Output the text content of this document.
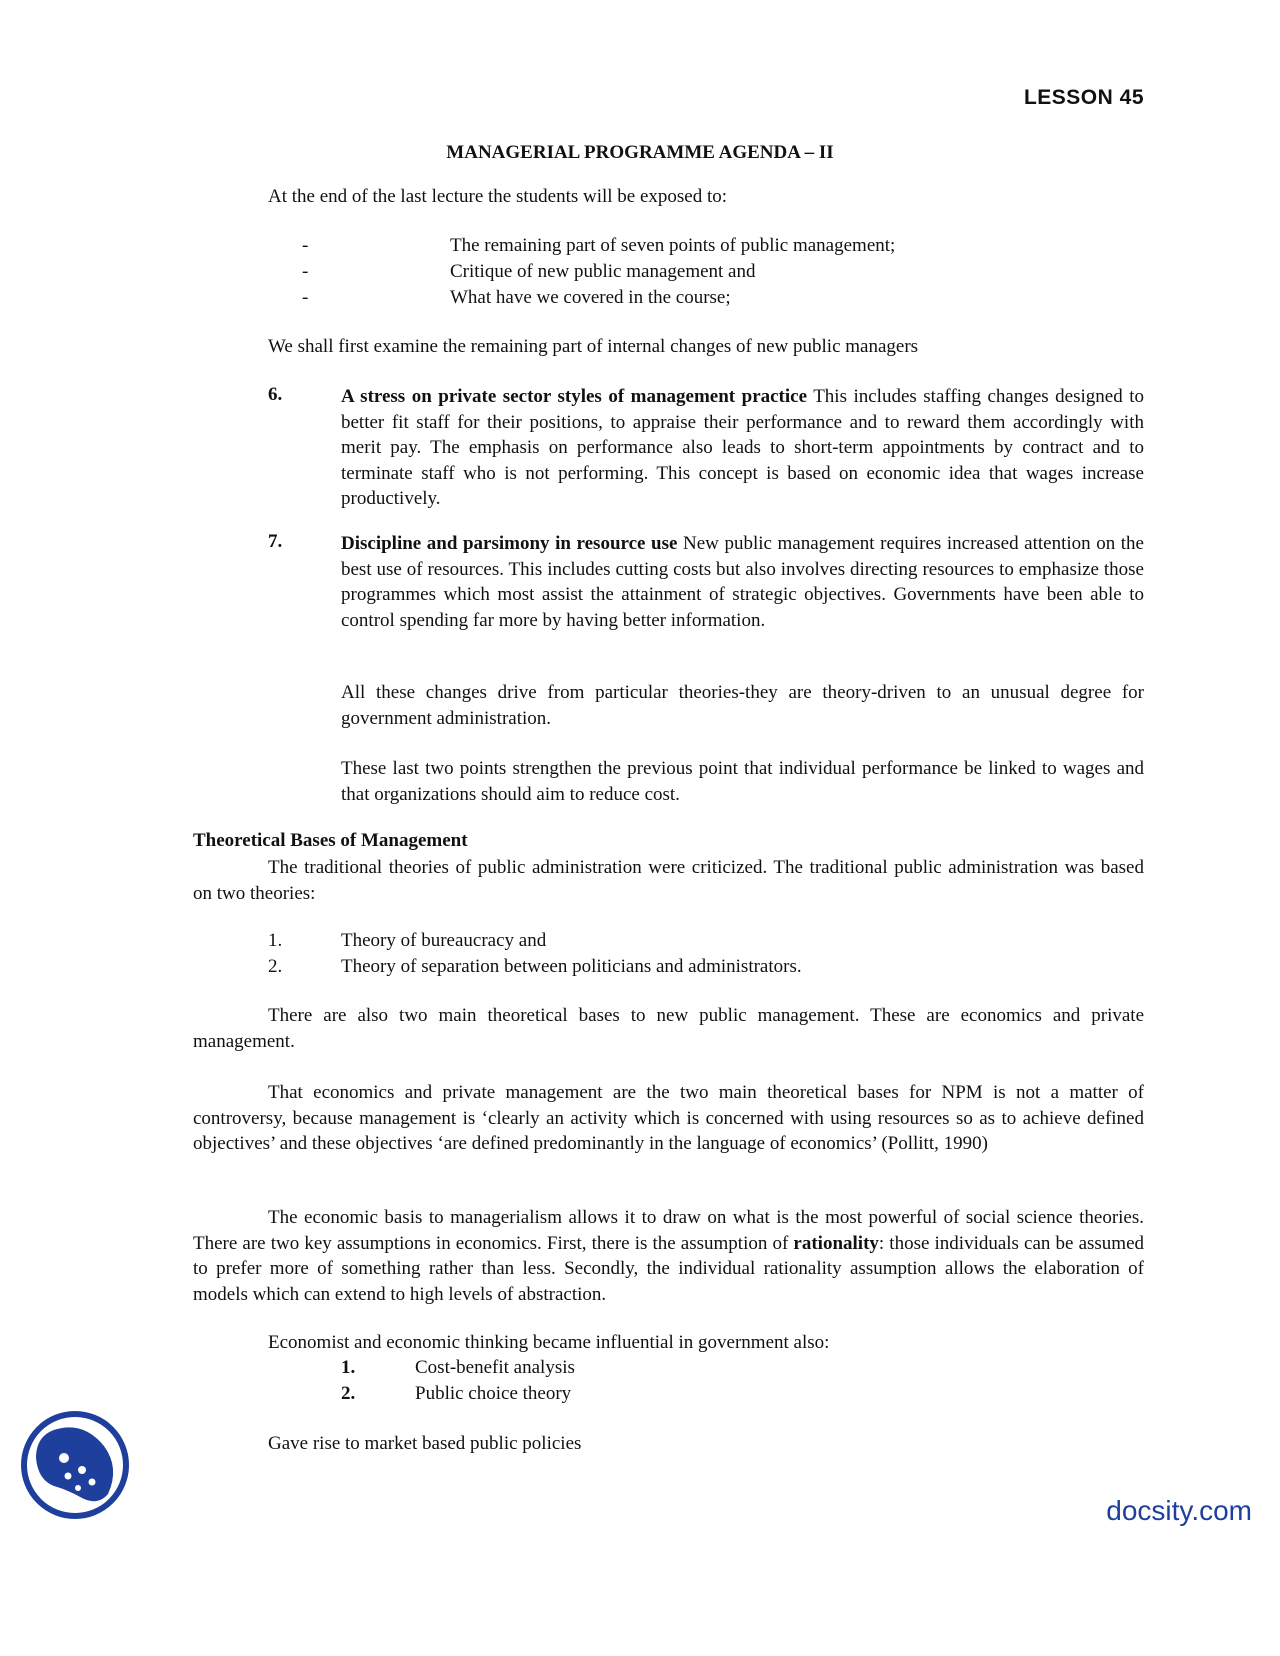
LESSON 45
MANAGERIAL PROGRAMME AGENDA – II
At the end of the last lecture the students will be exposed to:
-	The remaining part of seven points of public management;
-	Critique of new public management and
-	What have we covered in the course;
We shall first examine the remaining part of internal changes of new public managers
6.	A stress on private sector styles of management practice This includes staffing changes designed to better fit staff for their positions, to appraise their performance and to reward them accordingly with merit pay. The emphasis on performance also leads to short-term appointments by contract and to terminate staff who is not performing. This concept is based on economic idea that wages increase productively.
7.	Discipline and parsimony in resource use New public management requires increased attention on the best use of resources. This includes cutting costs but also involves directing resources to emphasize those programmes which most assist the attainment of strategic objectives. Governments have been able to control spending far more by having better information.
All these changes drive from particular theories-they are theory-driven to an unusual degree for government administration.
These last two points strengthen the previous point that individual performance be linked to wages and that organizations should aim to reduce cost.
Theoretical Bases of Management
The traditional theories of public administration were criticized. The traditional public administration was based on two theories:
1.	Theory of bureaucracy and
2.	Theory of separation between politicians and administrators.
There are also two main theoretical bases to new public management. These are economics and private management.
That economics and private management are the two main theoretical bases for NPM is not a matter of controversy, because management is ‘clearly an activity which is concerned with using resources so as to achieve defined objectives’ and these objectives ‘are defined predominantly in the language of economics’ (Pollitt, 1990)
The economic basis to managerialism allows it to draw on what is the most powerful of social science theories. There are two key assumptions in economics. First, there is the assumption of rationality: those individuals can be assumed to prefer more of something rather than less. Secondly, the individual rationality assumption allows the elaboration of models which can extend to high levels of abstraction.
Economist and economic thinking became influential in government also:
1.	Cost-benefit analysis
2.	Public choice theory
Gave rise to market based public policies
docsity.com
